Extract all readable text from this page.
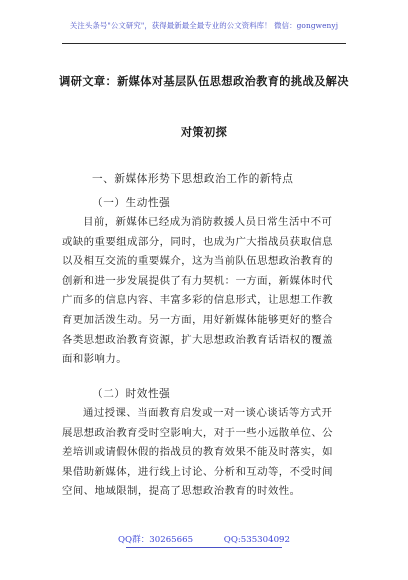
关注头条号"公文研究"，获得最新最全最专业的公文资料库！ 微信：gongwenyj
调研文章：新媒体对基层队伍思想政治教育的挑战及解决
对策初探
一、新媒体形势下思想政治工作的新特点
（一）生动性强
目前，新媒体已经成为消防救援人员日常生活中不可
或缺的重要组成部分，同时，也成为广大指战员获取信息
以及相互交流的重要媒介，这为当前队伍思想政治教育的
创新和进一步发展提供了有力契机：一方面，新媒体时代
广而多的信息内容、丰富多彩的信息形式，让思想工作教
育更加活泼生动。另一方面，用好新媒体能够更好的整合
各类思想政治教育资源，扩大思想政治教育话语权的覆盖
面和影响力。
（二）时效性强
通过授课、当面教育启发或一对一谈心谈话等方式开
展思想政治教育受时空影响大，对于一些小远散单位、公
差培训或请假休假的指战员的教育效果不能及时落实，如
果借助新媒体，进行线上讨论、分析和互动等，不受时间
空间、地域限制，提高了思想政治教育的时效性。
QQ群：30265665	QQ:535304092
